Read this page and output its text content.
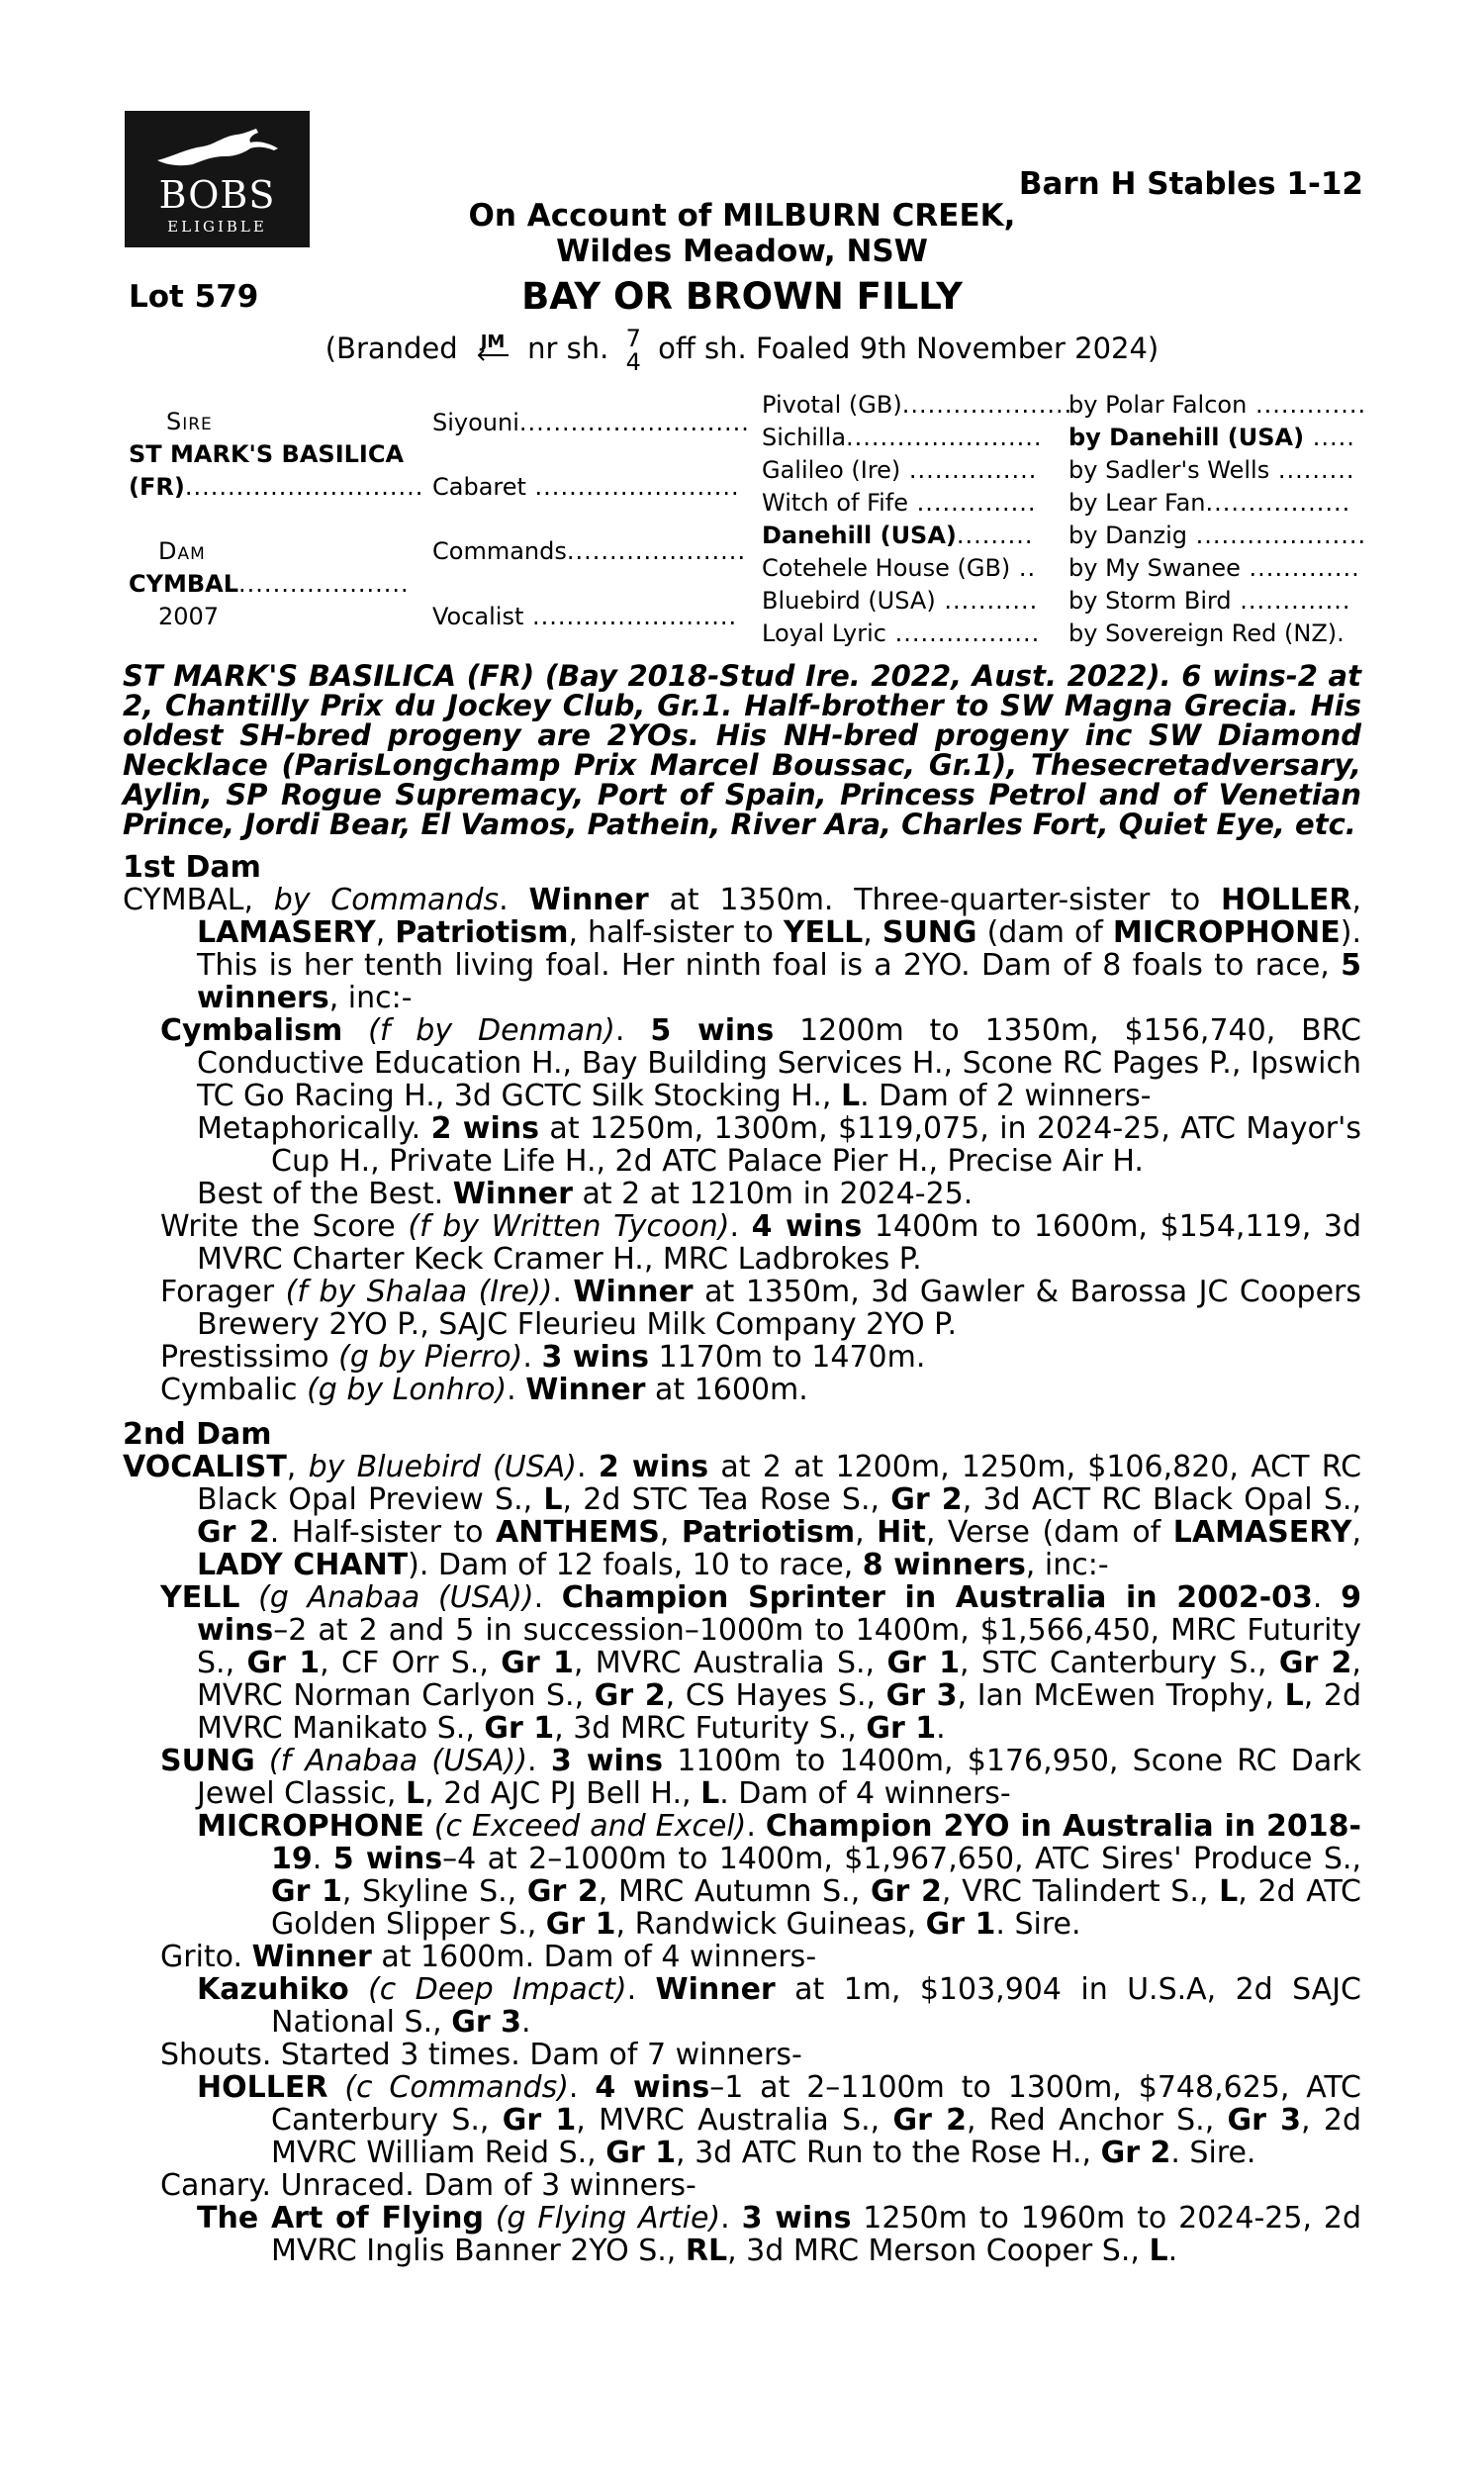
BOBS
ELIGIBLE
Barn H Stables 1-12
On Account of MILBURN CREEK,
Wildes Meadow, NSW
Lot 579	BAY OR BROWN FILLY
(Branded JM nr sh. 7
4 off sh. Foaled 9th November 2024)
Sire
ST MARK'S BASILICA
(FR)............................
Dam
CYMBAL....................
2007
Siyouni...........................
Cabaret ........................
Commands.....................
Vocalist ........................
Pivotal (GB)....................
Sichilla.......................
Galileo (Ire) ...............
Witch of Fife ..............
Danehill (USA).........
Cotehele House (GB) ..
Bluebird (USA) ...........
Loyal Lyric .................
by Polar Falcon .............
by Danehill (USA) .....
by Sadler's Wells .........
by Lear Fan.................
by Danzig ....................
by My Swanee .............
by Storm Bird .............
by Sovereign Red (NZ).

ST MARK'S BASILICA (FR) (Bay 2018-Stud Ire. 2022, Aust. 2022). 6 wins-2 at 2, Chantilly Prix du Jockey Club, Gr.1. Half-brother to SW Magna Grecia. His oldest SH-bred progeny are 2YOs. His NH-bred progeny inc SW Diamond Necklace (ParisLongchamp Prix Marcel Boussac, Gr.1), Thesecretadversary, Aylin, SP Rogue Supremacy, Port of Spain, Princess Petrol and of Venetian Prince, Jordi Bear, El Vamos, Pathein, River Ara, Charles Fort, Quiet Eye, etc.

1st Dam

CYMBAL, by Commands. Winner at 1350m. Three-quarter-sister to HOLLER, LAMASERY, Patriotism, half-sister to YELL, SUNG (dam of MICROPHONE). This is her tenth living foal. Her ninth foal is a 2YO. Dam of 8 foals to race, 5 winners, inc:-

Cymbalism (f by Denman). 5 wins 1200m to 1350m, $156,740, BRC Conductive Education H., Bay Building Services H., Scone RC Pages P., Ipswich TC Go Racing H., 3d GCTC Silk Stocking H., L. Dam of 2 winners-

Metaphorically. 2 wins at 1250m, 1300m, $119,075, in 2024-25, ATC Mayor's Cup H., Private Life H., 2d ATC Palace Pier H., Precise Air H.

Best of the Best. Winner at 2 at 1210m in 2024-25.

Write the Score (f by Written Tycoon). 4 wins 1400m to 1600m, $154,119, 3d MVRC Charter Keck Cramer H., MRC Ladbrokes P.

Forager (f by Shalaa (Ire)). Winner at 1350m, 3d Gawler & Barossa JC Coopers Brewery 2YO P., SAJC Fleurieu Milk Company 2YO P.

Prestissimo (g by Pierro). 3 wins 1170m to 1470m.

Cymbalic (g by Lonhro). Winner at 1600m.

2nd Dam

VOCALIST, by Bluebird (USA). 2 wins at 2 at 1200m, 1250m, $106,820, ACT RC Black Opal Preview S., L, 2d STC Tea Rose S., Gr 2, 3d ACT RC Black Opal S., Gr 2. Half-sister to ANTHEMS, Patriotism, Hit, Verse (dam of LAMASERY, LADY CHANT). Dam of 12 foals, 10 to race, 8 winners, inc:-

YELL (g Anabaa (USA)). Champion Sprinter in Australia in 2002-03. 9 wins–2 at 2 and 5 in succession–1000m to 1400m, $1,566,450, MRC Futurity S., Gr 1, CF Orr S., Gr 1, MVRC Australia S., Gr 1, STC Canterbury S., Gr 2, MVRC Norman Carlyon S., Gr 2, CS Hayes S., Gr 3, Ian McEwen Trophy, L, 2d MVRC Manikato S., Gr 1, 3d MRC Futurity S., Gr 1.

SUNG (f Anabaa (USA)). 3 wins 1100m to 1400m, $176,950, Scone RC Dark Jewel Classic, L, 2d AJC PJ Bell H., L. Dam of 4 winners-

MICROPHONE (c Exceed and Excel). Champion 2YO in Australia in 2018-19. 5 wins–4 at 2–1000m to 1400m, $1,967,650, ATC Sires' Produce S., Gr 1, Skyline S., Gr 2, MRC Autumn S., Gr 2, VRC Talindert S., L, 2d ATC Golden Slipper S., Gr 1, Randwick Guineas, Gr 1. Sire.

Grito. Winner at 1600m. Dam of 4 winners-

Kazuhiko (c Deep Impact). Winner at 1m, $103,904 in U.S.A, 2d SAJC National S., Gr 3.

Shouts. Started 3 times. Dam of 7 winners-

HOLLER (c Commands). 4 wins–1 at 2–1100m to 1300m, $748,625, ATC Canterbury S., Gr 1, MVRC Australia S., Gr 2, Red Anchor S., Gr 3, 2d MVRC William Reid S., Gr 1, 3d ATC Run to the Rose H., Gr 2. Sire.

Canary. Unraced. Dam of 3 winners-

The Art of Flying (g Flying Artie). 3 wins 1250m to 1960m to 2024-25, 2d MVRC Inglis Banner 2YO S., RL, 3d MRC Merson Cooper S., L.
